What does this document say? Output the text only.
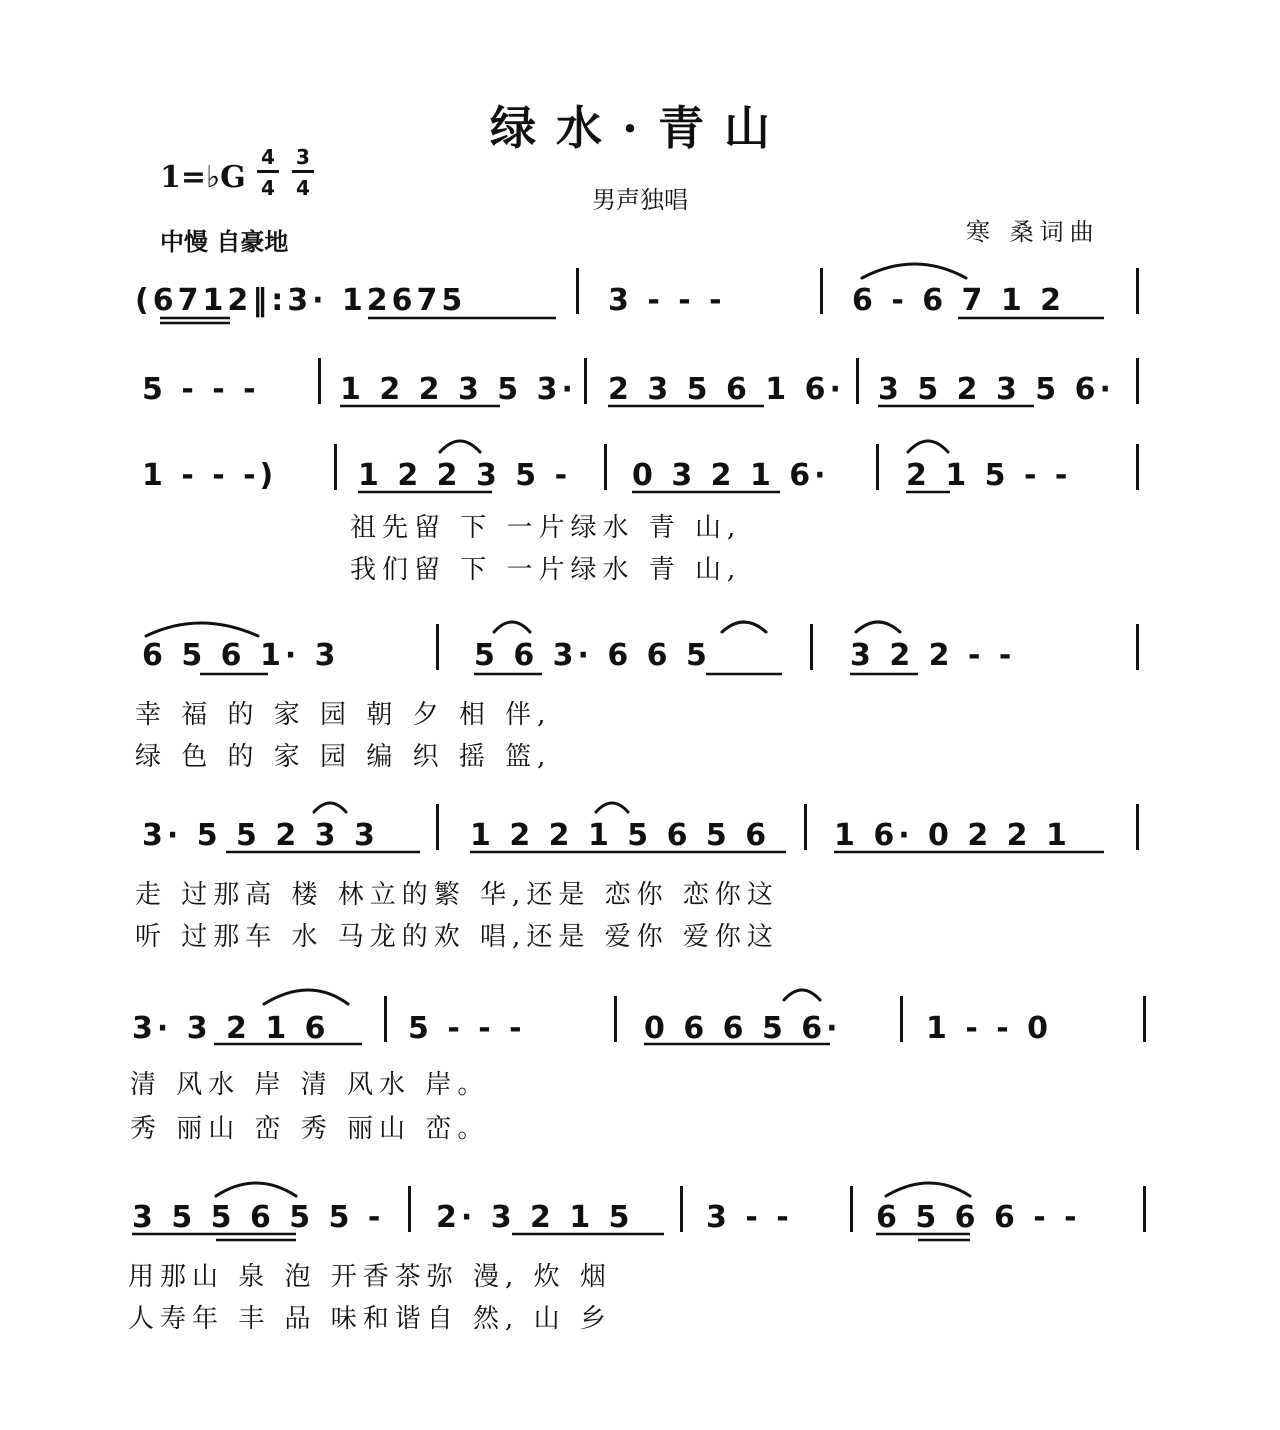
绿水·青山
男声独唱
1=♭G
4
4
3
4
中慢 自豪地	寒 桑词曲
(6712‖:3· 12675	3 - - -	6 - 6 7 1 2
5 - - -	1 2 2 3 5 3· 2 3 5 6 1 6· 3 5 2 3 5 6·
1 - - -)	1 2 2 3 5 - 0 3 2 1 6·	2 1 5 - -
祖先留 下 一片绿水 青 山,
我们留 下 一片绿水 青 山,
6 5 6 1· 3	5 6 3· 6 6 5	3 2 2 - -
幸 福 的 家 园 朝 夕 相 伴,
绿 色 的 家 园 编 织 摇 篮,
3· 5 5 2 3 3	1 2 2 1 5 6 5 6 1 6· 0 2 2 1
走 过那高 楼 林立的繁 华,还是 恋你 恋你这
听 过那车 水 马龙的欢 唱,还是 爱你 爱你这
3· 3 2 1 6	5 - - -	0 6 6 5 6·	1 - - 0
清 风水 岸 清 风水 岸。
秀 丽山 峦 秀 丽山 峦。
3 5 5 6 5 5 - 2· 3 2 1 5 3 - -	6 5 6 6 - -
用那山 泉 泡 开香茶弥 漫, 炊 烟
人寿年 丰 品 味和谐自 然, 山 乡
